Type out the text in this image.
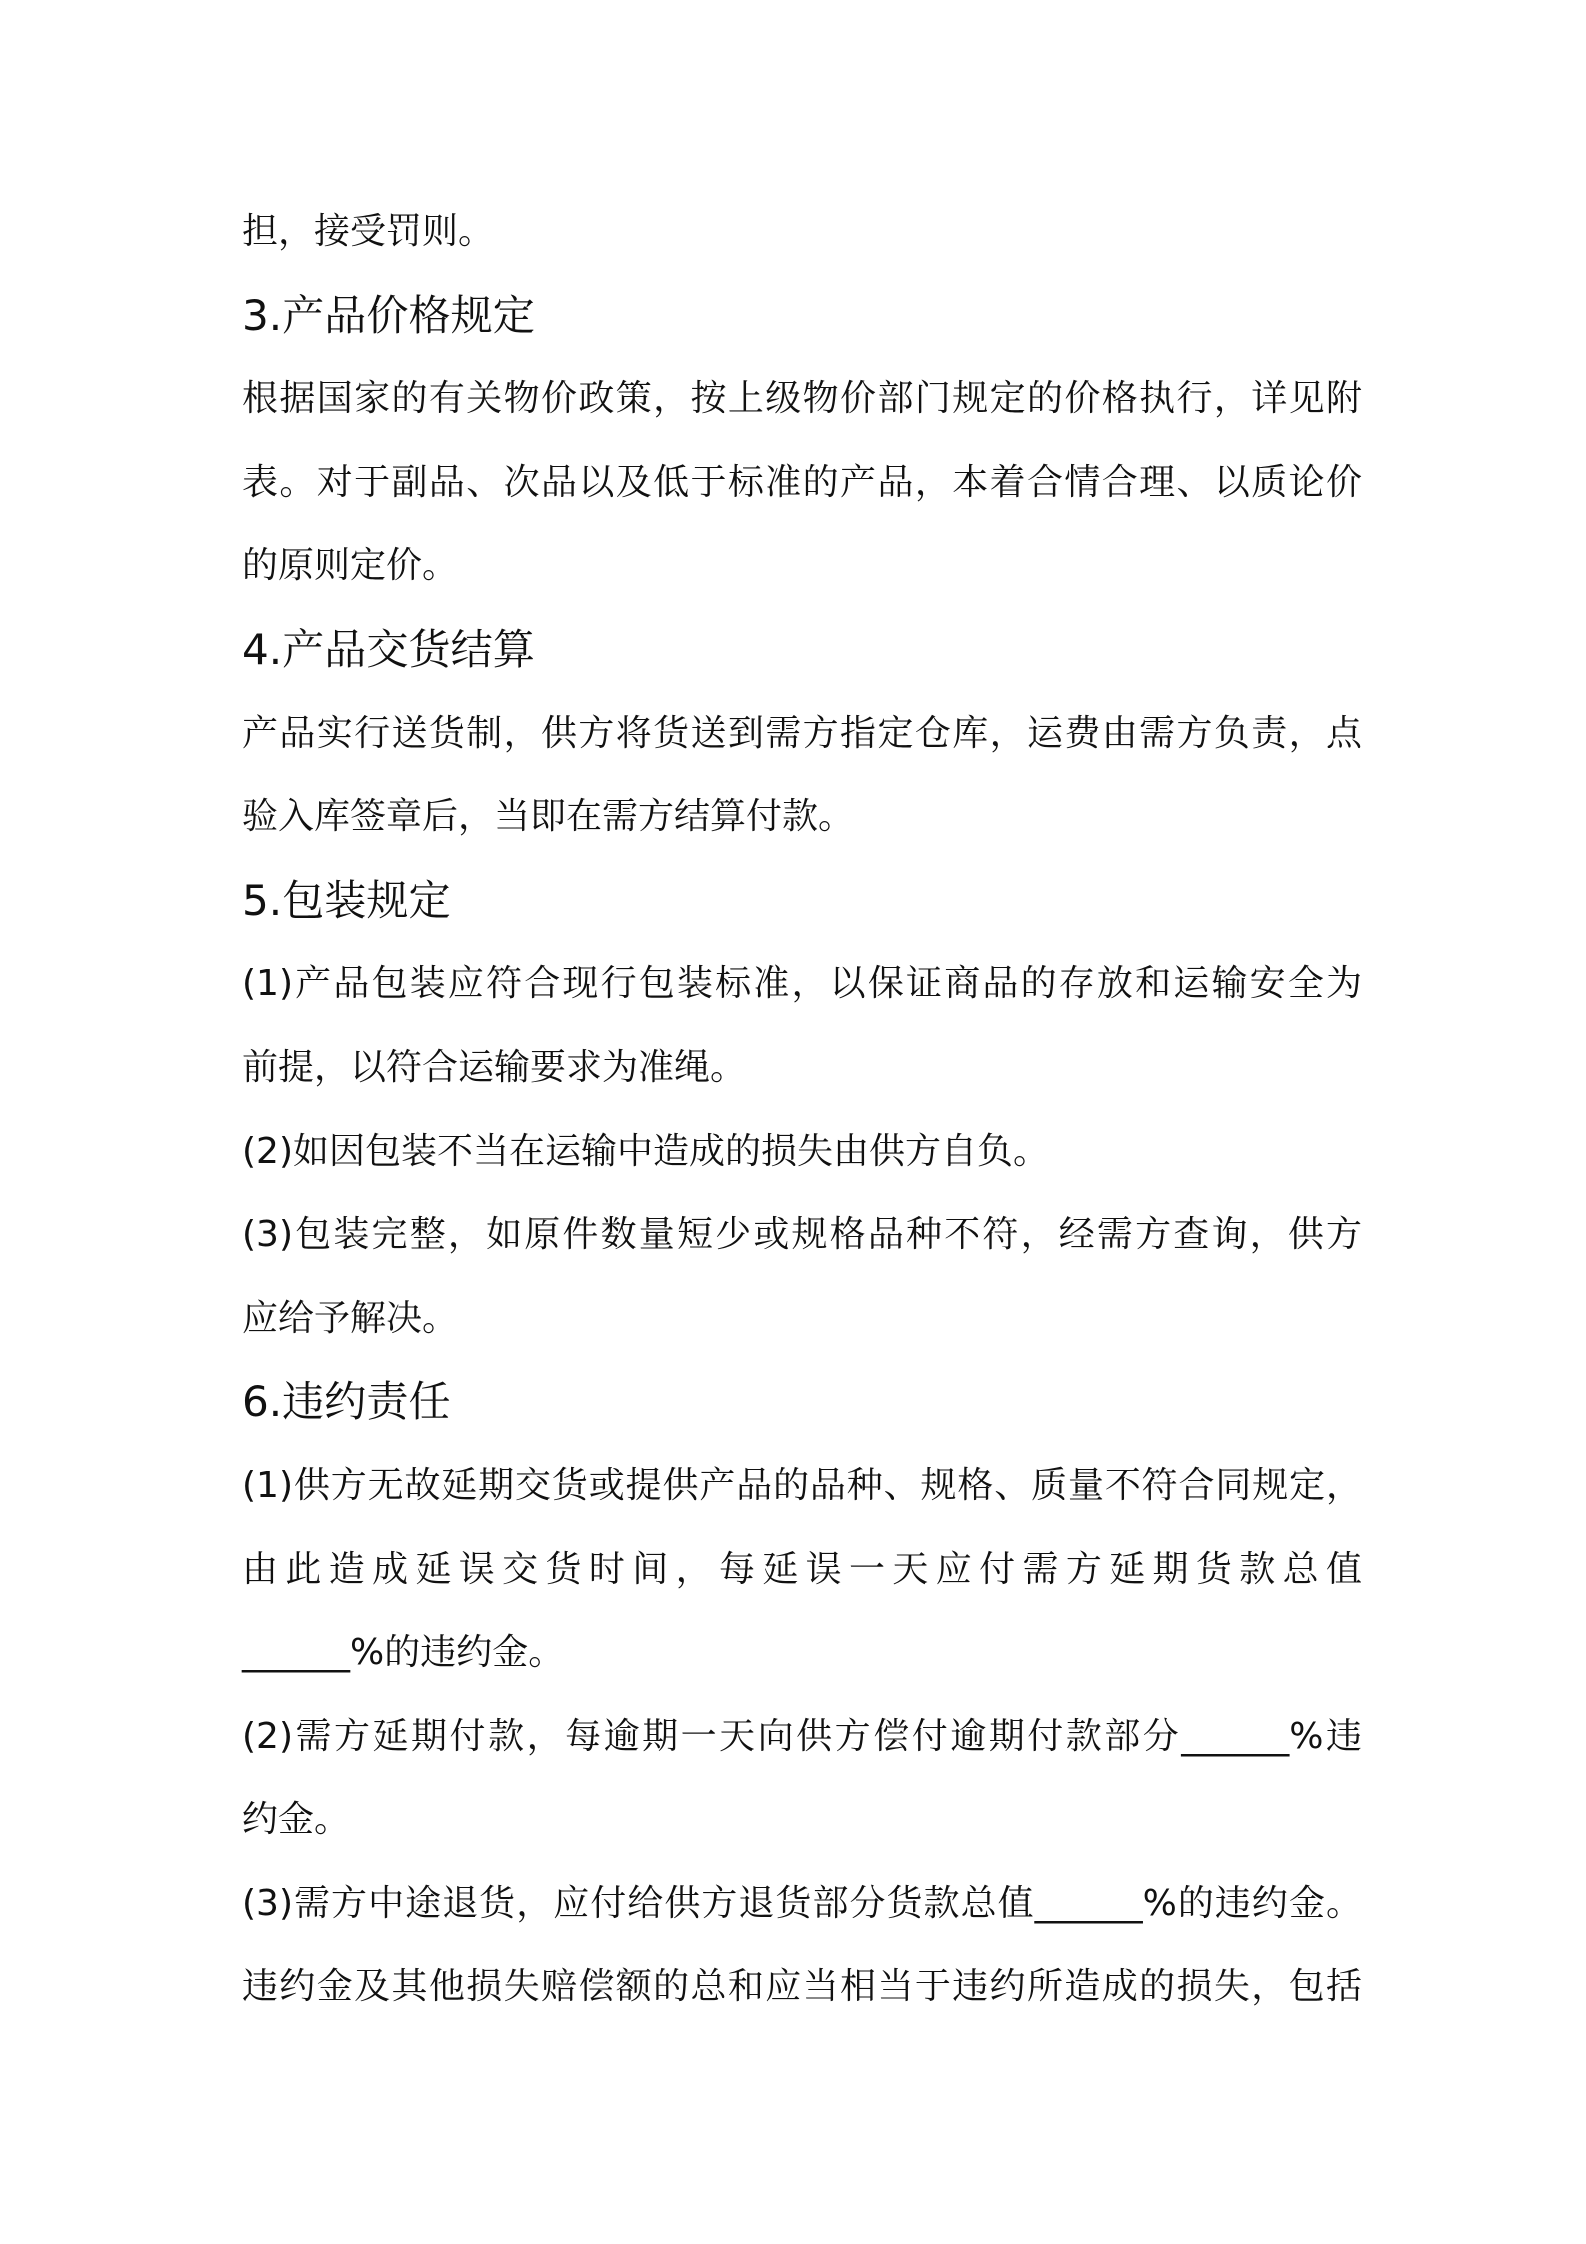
担，接受罚则。

3.产品价格规定

根据国家的有关物价政策，按上级物价部门规定的价格执行，详见附

表。对于副品、次品以及低于标准的产品，本着合情合理、以质论价

的原则定价。

4.产品交货结算

产品实行送货制，供方将货送到需方指定仓库，运费由需方负责，点

验入库签章后，当即在需方结算付款。

5.包装规定

(1)产品包装应符合现行包装标准，以保证商品的存放和运输安全为

前提，以符合运输要求为准绳。

(2)如因包装不当在运输中造成的损失由供方自负。

(3)包装完整，如原件数量短少或规格品种不符，经需方查询，供方

应给予解决。

6.违约责任

(1)供方无故延期交货或提供产品的品种、规格、质量不符合同规定，

由此造成延误交货时间，每延误一天应付需方延期货款总值

______%的违约金。

(2)需方延期付款，每逾期一天向供方偿付逾期付款部分______%违

约金。

(3)需方中途退货，应付给供方退货部分货款总值______%的违约金。

违约金及其他损失赔偿额的总和应当相当于违约所造成的损失，包括
